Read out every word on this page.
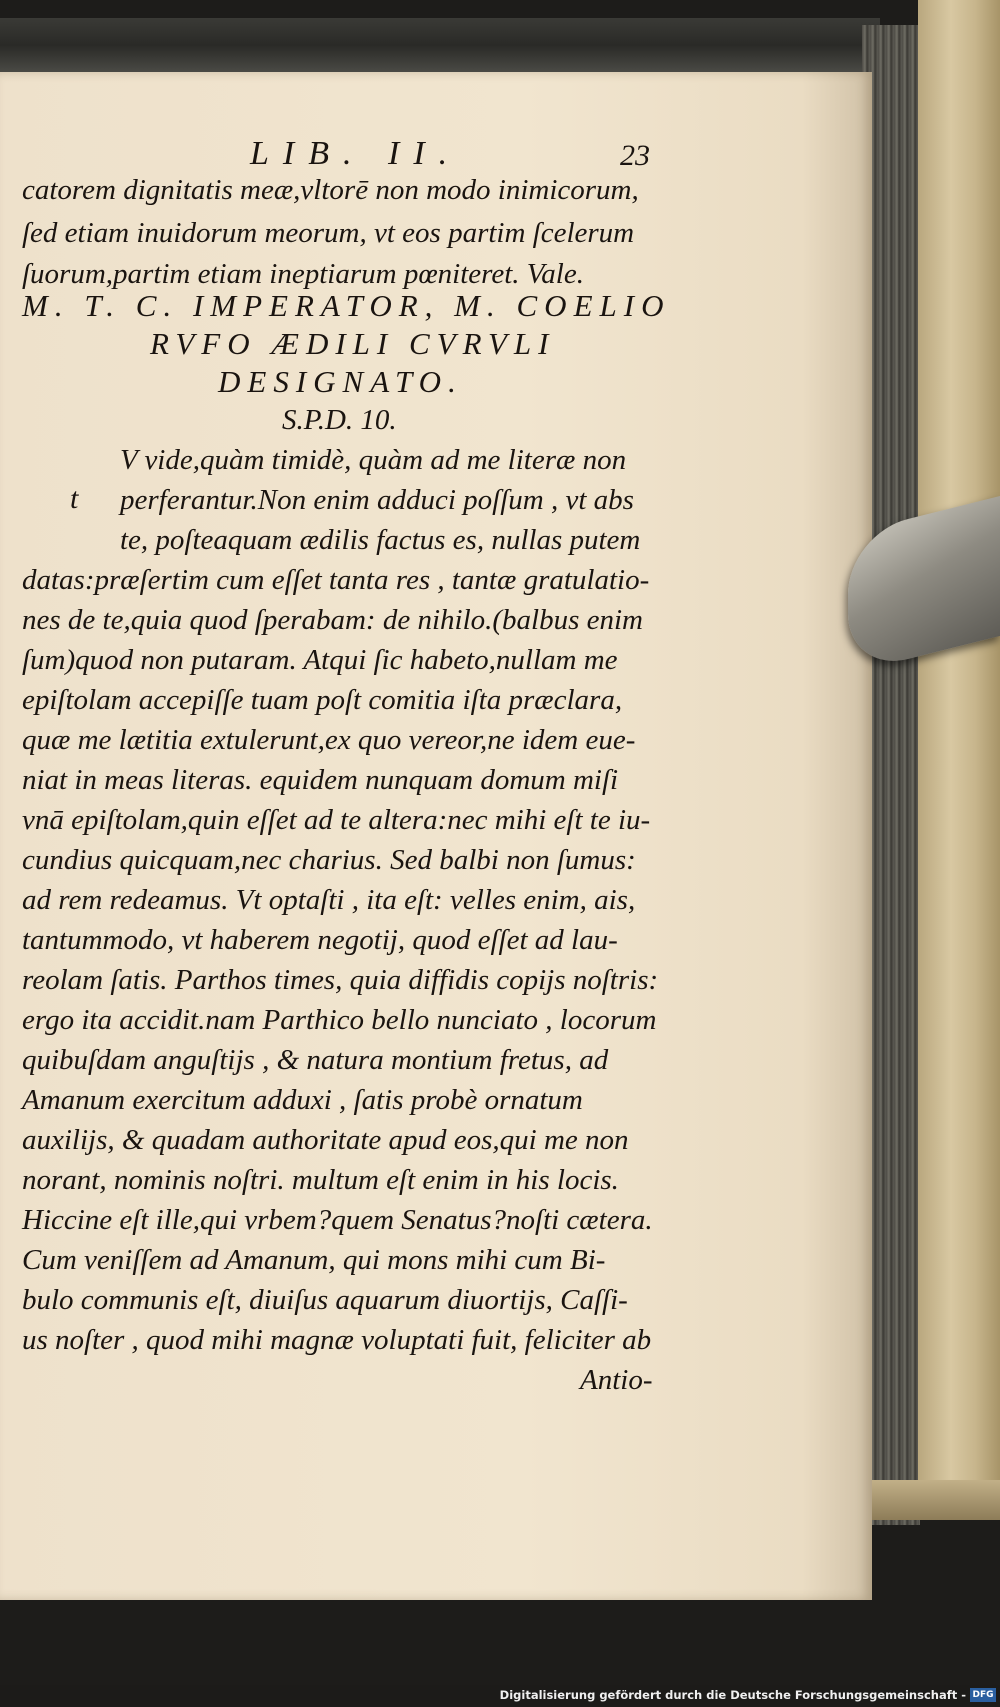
LIB. II.	23
catorem dignitatis meæ,vltorē non modo inimicorum,
ſed etiam inuidorum meorum, vt eos partim ſcelerum
ſuorum,partim etiam ineptiarum pœniteret. Vale.
M. T. C. IMPERATOR, M. COELIO
RVFO ÆDILI CVRVLI
DESIGNATO.
S.P.D. 10.
V vide,quàm timidè, quàm ad me literæ non
t perferantur.Non enim adduci poſſum , vt abs
te, poſteaquam ædilis factus es, nullas putem
datas:præſertim cum eſſet tanta res , tantæ gratulatio-
nes de te,quia quod ſperabam: de nihilo.(balbus enim
ſum)quod non putaram. Atqui ſic habeto,nullam me
epiſtolam accepiſſe tuam poſt comitia iſta præclara,
quæ me lætitia extulerunt,ex quo vereor,ne idem eue-
niat in meas literas. equidem nunquam domum miſi
vnā epiſtolam,quin eſſet ad te altera:nec mihi eſt te iu-
cundius quicquam,nec charius. Sed balbi non ſumus:
ad rem redeamus. Vt optaſti , ita eſt: velles enim, ais,
tantummodo, vt haberem negotij, quod eſſet ad lau-
reolam ſatis. Parthos times, quia diffidis copijs noſtris:
ergo ita accidit.nam Parthico bello nunciato , locorum
quibuſdam anguſtijs , & natura montium fretus, ad
Amanum exercitum adduxi , ſatis probè ornatum
auxilijs, & quadam authoritate apud eos,qui me non
norant, nominis noſtri. multum eſt enim in his locis.
Hiccine eſt ille,qui vrbem?quem Senatus?noſti cætera.
Cum veniſſem ad Amanum, qui mons mihi cum Bi-
bulo communis eſt, diuiſus aquarum diuortijs, Caſſi-
us noſter , quod mihi magnæ voluptati fuit, feliciter ab
Antio-
Digitalisierung gefördert durch die Deutsche Forschungsgemeinschaft - DFG
